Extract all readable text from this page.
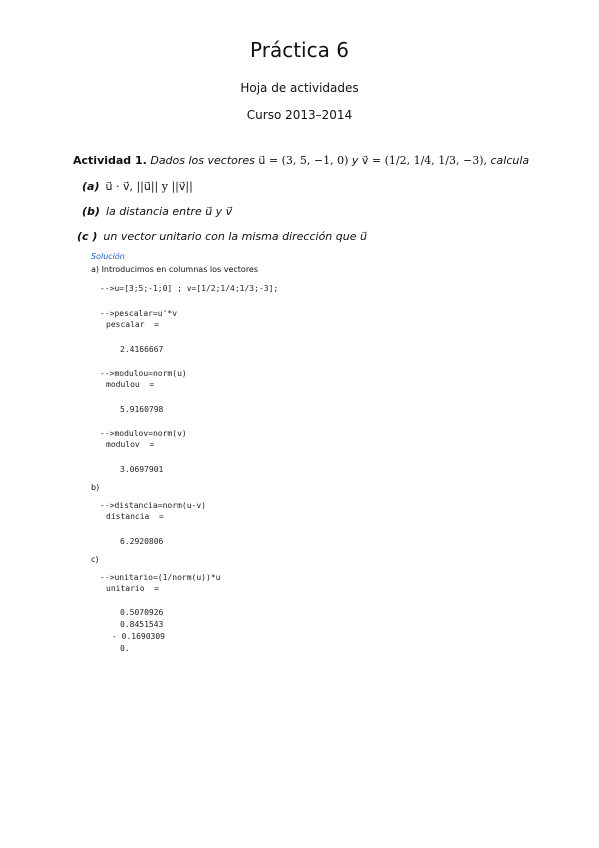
Práctica 6
Hoja de actividades
Curso 2013–2014
Actividad 1. Dados los vectores u⃗ = (3, 5, −1, 0) y v⃗ = (1/2, 1/4, 1/3, −3), calcula
(a) u⃗ · v⃗, ||u⃗|| y ||v⃗||
(b) la distancia entre u⃗ y v⃗
(c ) un vector unitario con la misma dirección que u⃗
Solución
a) Introducimos en columnas los vectores
-->u=[3;5;-1;0] ; v=[1/2;1/4;1/3;-3];
-->pescalar=u'*v
pescalar  =
2.4166667
-->modulou=norm(u)
modulou  =
5.9160798
-->modulov=norm(v)
modulov  =
3.0697901
b)
-->distancia=norm(u-v)
distancia  =
6.2920806
c)
-->unitario=(1/norm(u))*u
unitario  =
0.5070926
0.8451543
- 0.1690309
0.
